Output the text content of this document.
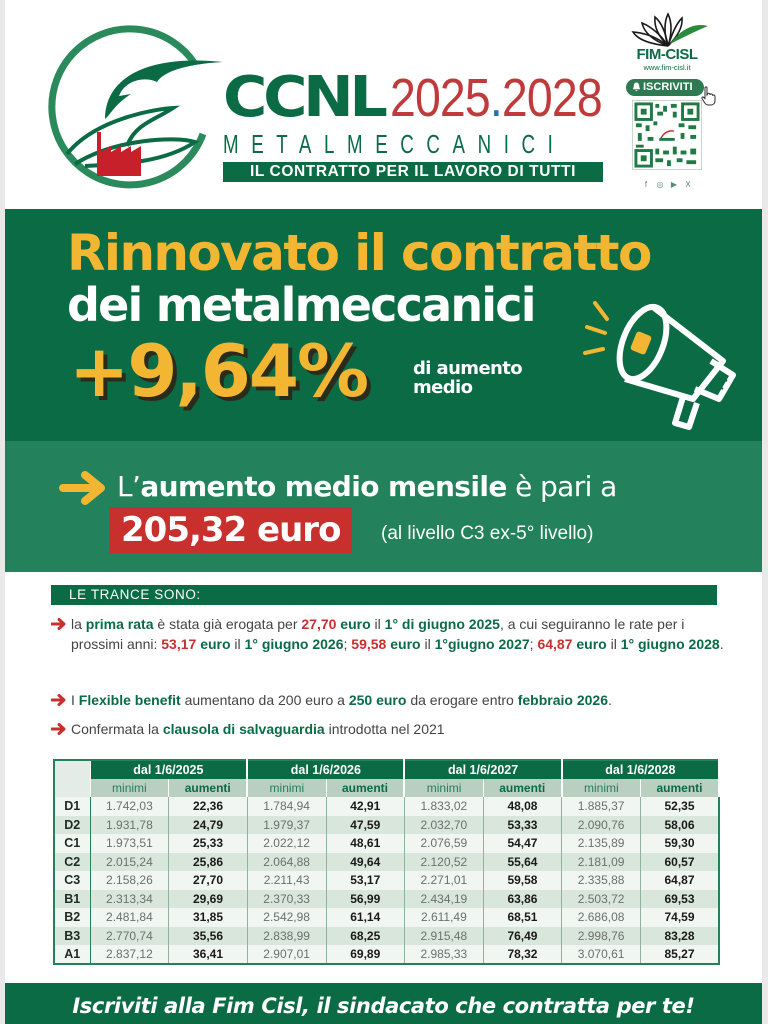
CCNL 2025.2028
METALMECCANICI
IL CONTRATTO PER IL LAVORO DI TUTTI
FIM-CISL
www.fim-cisl.it
ISCRIVITI
f	◎ ▶ X
Rinnovato il contratto
dei metalmeccanici
+9,64%	di aumento
medio
L’aumento medio mensile è pari a
205,32 euro	(al livello C3 ex-5° livello)
LE TRANCE SONO:
la prima rata è stata già erogata per 27,70 euro il 1° di giugno 2025, a cui seguiranno le rate per i prossimi anni: 53,17 euro il 1° giugno 2026; 59,58 euro il 1°giugno 2027; 64,87 euro il 1° giugno 2028.
I Flexible benefit aumentano da 200 euro a 250 euro da erogare entro febbraio 2026.
Confermata la clausola di salvaguardia introdotta nel 2021
	dal 1/6/2025		dal 1/6/2026		dal 1/6/2027		dal 1/6/2028	
	minimi	aumenti	minimi	aumenti	minimi	aumenti	minimi	aumenti
D1	1.742,03	22,36	1.784,94	42,91	1.833,02	48,08	1.885,37	52,35
D2	1.931,78	24,79	1.979,37	47,59	2.032,70	53,33	2.090,76	58,06
C1	1.973,51	25,33	2.022,12	48,61	2.076,59	54,47	2.135,89	59,30
C2	2.015,24	25,86	2.064,88	49,64	2.120,52	55,64	2.181,09	60,57
C3	2.158,26	27,70	2.211,43	53,17	2.271,01	59,58	2.335,88	64,87
B1	2.313,34	29,69	2.370,33	56,99	2.434,19	63,86	2.503,72	69,53
B2	2.481,84	31,85	2.542,98	61,14	2.611,49	68,51	2.686,08	74,59
B3	2.770,74	35,56	2.838,99	68,25	2.915,48	76,49	2.998,76	83,28
A1	2.837,12	36,41	2.907,01	69,89	2.985,33	78,32	3.070,61	85,27
Iscriviti alla Fim Cisl, il sindacato che contratta per te!
